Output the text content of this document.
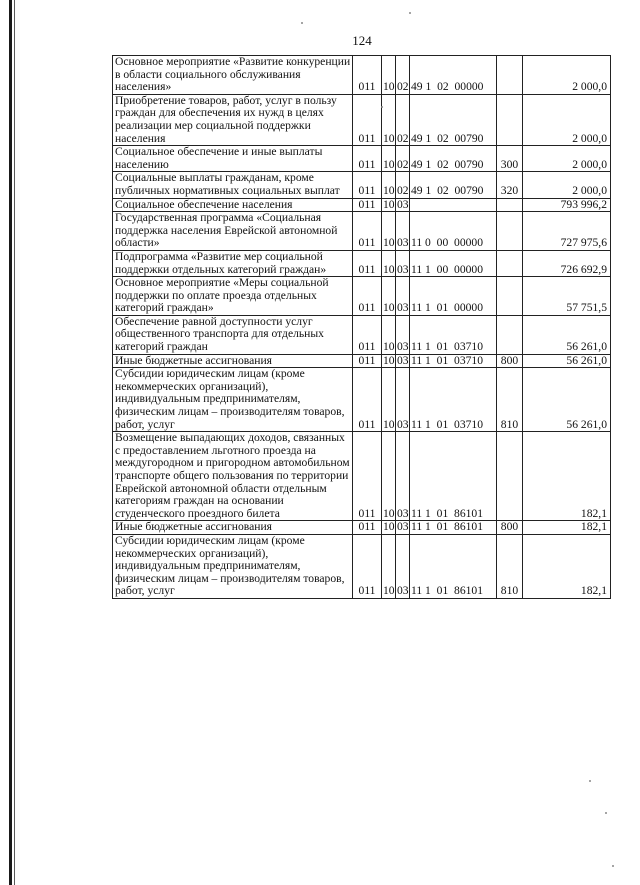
124
Основное мероприятие «Развитие конкуренции в области социального обслуживания населения»	011	10	02	49 1  02  00000		2 000,0
Приобретение товаров, работ, услуг в пользу граждан для обеспечения их нужд в целях реализации мер социальной поддержки населения	011	10	02	49 1  02  00790		2 000,0
Социальное обеспечение и иные выплаты населению	011	10	02	49 1  02  00790	300	2 000,0
Социальные выплаты гражданам, кроме публичных нормативных социальных выплат	011	10	02	49 1  02  00790	320	2 000,0
Социальное обеспечение населения	011	10	03			793 996,2
Государственная программа «Социальная поддержка населения Еврейской автономной области»	011	10	03	11 0  00  00000		727 975,6
Подпрограмма «Развитие мер социальной поддержки отдельных категорий граждан»	011	10	03	11 1  00  00000		726 692,9
Основное мероприятие «Меры социальной поддержки по оплате проезда отдельных категорий граждан»	011	10	03	11 1  01  00000		57 751,5
Обеспечение равной доступности услуг общественного транспорта для отдельных категорий граждан	011	10	03	11 1  01  03710		56 261,0
Иные бюджетные ассигнования	011	10	03	11 1  01  03710	800	56 261,0
Субсидии юридическим лицам (кроме некоммерческих организаций), индивидуальным предпринимателям, физическим лицам – производителям товаров, работ, услуг	011	10	03	11 1  01  03710	810	56 261,0
Возмещение выпадающих доходов, связанных с предоставлением льготного проезда на междугородном и пригородном автомобильном транспорте общего пользования по территории Еврейской автономной области отдельным категориям граждан на основании студенческого проездного билета	011	10	03	11 1  01  86101		182,1
Иные бюджетные ассигнования	011	10	03	11 1  01  86101	800	182,1
Субсидии юридическим лицам (кроме некоммерческих организаций), индивидуальным предпринимателям, физическим лицам – производителям товаров, работ, услуг	011	10	03	11 1  01  86101	810	182,1
